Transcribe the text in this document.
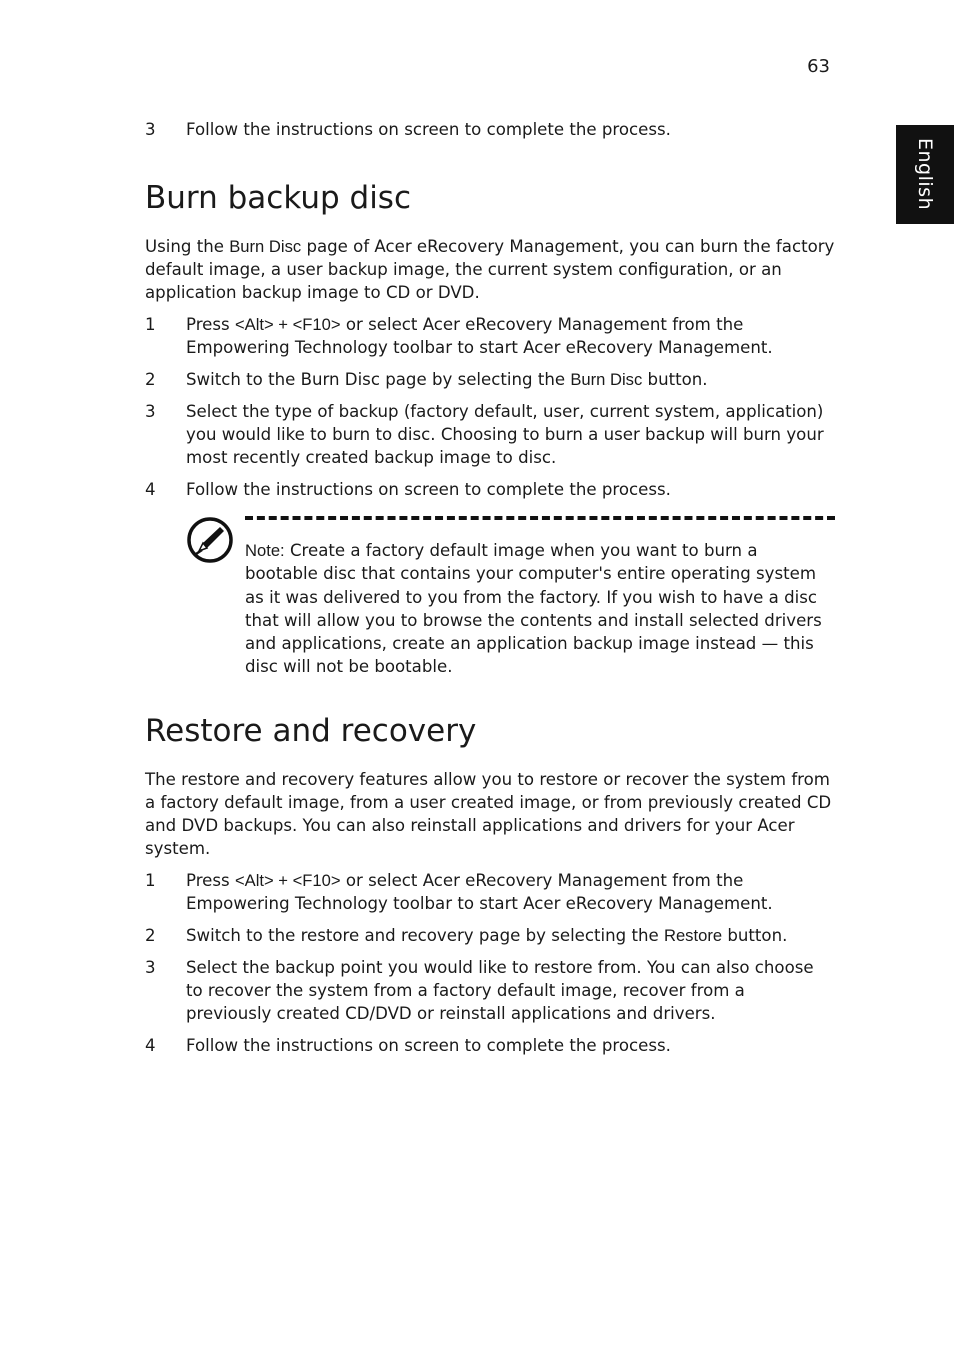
63
English
3	Follow the instructions on screen to complete the process.
Burn backup disc

Using the Burn Disc page of Acer eRecovery Management, you can burn the factory default image, a user backup image, the current system configuration, or an application backup image to CD or DVD.

1	Press <Alt> + <F10> or select Acer eRecovery Management from the Empowering Technology toolbar to start Acer eRecovery Management.
2	Switch to the Burn Disc page by selecting the Burn Disc button.
3	Select the type of backup (factory default, user, current system, application) you would like to burn to disc. Choosing to burn a user backup will burn your most recently created backup image to disc.
4	Follow the instructions on screen to complete the process.
Note: Create a factory default image when you want to burn a bootable disc that contains your computer's entire operating system as it was delivered to you from the factory. If you wish to have a disc that will allow you to browse the contents and install selected drivers and applications, create an application backup image instead — this disc will not be bootable.
Restore and recovery

The restore and recovery features allow you to restore or recover the system from a factory default image, from a user created image, or from previously created CD and DVD backups. You can also reinstall applications and drivers for your Acer system.

1	Press <Alt> + <F10> or select Acer eRecovery Management from the Empowering Technology toolbar to start Acer eRecovery Management.
2	Switch to the restore and recovery page by selecting the Restore button.
3	Select the backup point you would like to restore from. You can also choose to recover the system from a factory default image, recover from a previously created CD/DVD or reinstall applications and drivers.
4	Follow the instructions on screen to complete the process.
